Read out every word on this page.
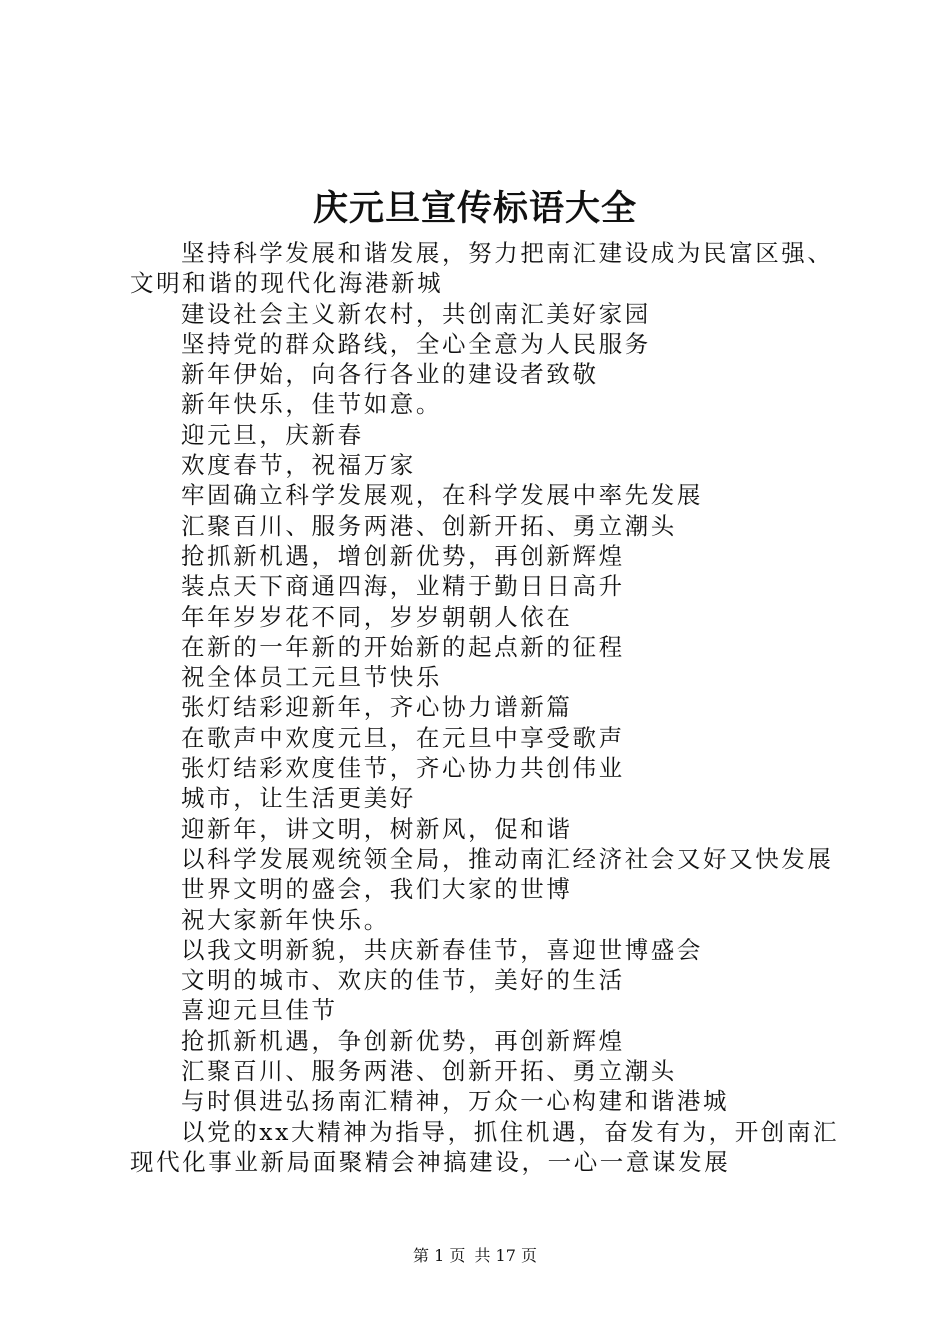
庆元旦宣传标语大全
坚持科学发展和谐发展，努力把南汇建设成为民富区强、
文明和谐的现代化海港新城
建设社会主义新农村，共创南汇美好家园
坚持党的群众路线，全心全意为人民服务
新年伊始，向各行各业的建设者致敬
新年快乐，佳节如意。
迎元旦，庆新春
欢度春节，祝福万家
牢固确立科学发展观，在科学发展中率先发展
汇聚百川、服务两港、创新开拓、勇立潮头
抢抓新机遇，增创新优势，再创新辉煌
装点天下商通四海，业精于勤日日高升
年年岁岁花不同，岁岁朝朝人依在
在新的一年新的开始新的起点新的征程
祝全体员工元旦节快乐
张灯结彩迎新年，齐心协力谱新篇
在歌声中欢度元旦，在元旦中享受歌声
张灯结彩欢度佳节，齐心协力共创伟业
城市，让生活更美好
迎新年，讲文明，树新风，促和谐
以科学发展观统领全局，推动南汇经济社会又好又快发展
世界文明的盛会，我们大家的世博
祝大家新年快乐。
以我文明新貌，共庆新春佳节，喜迎世博盛会
文明的城市、欢庆的佳节，美好的生活
喜迎元旦佳节
抢抓新机遇，争创新优势，再创新辉煌
汇聚百川、服务两港、创新开拓、勇立潮头
与时俱进弘扬南汇精神，万众一心构建和谐港城
以党的xx大精神为指导，抓住机遇，奋发有为，开创南汇
现代化事业新局面聚精会神搞建设，一心一意谋发展
第 1 页 共 17 页
